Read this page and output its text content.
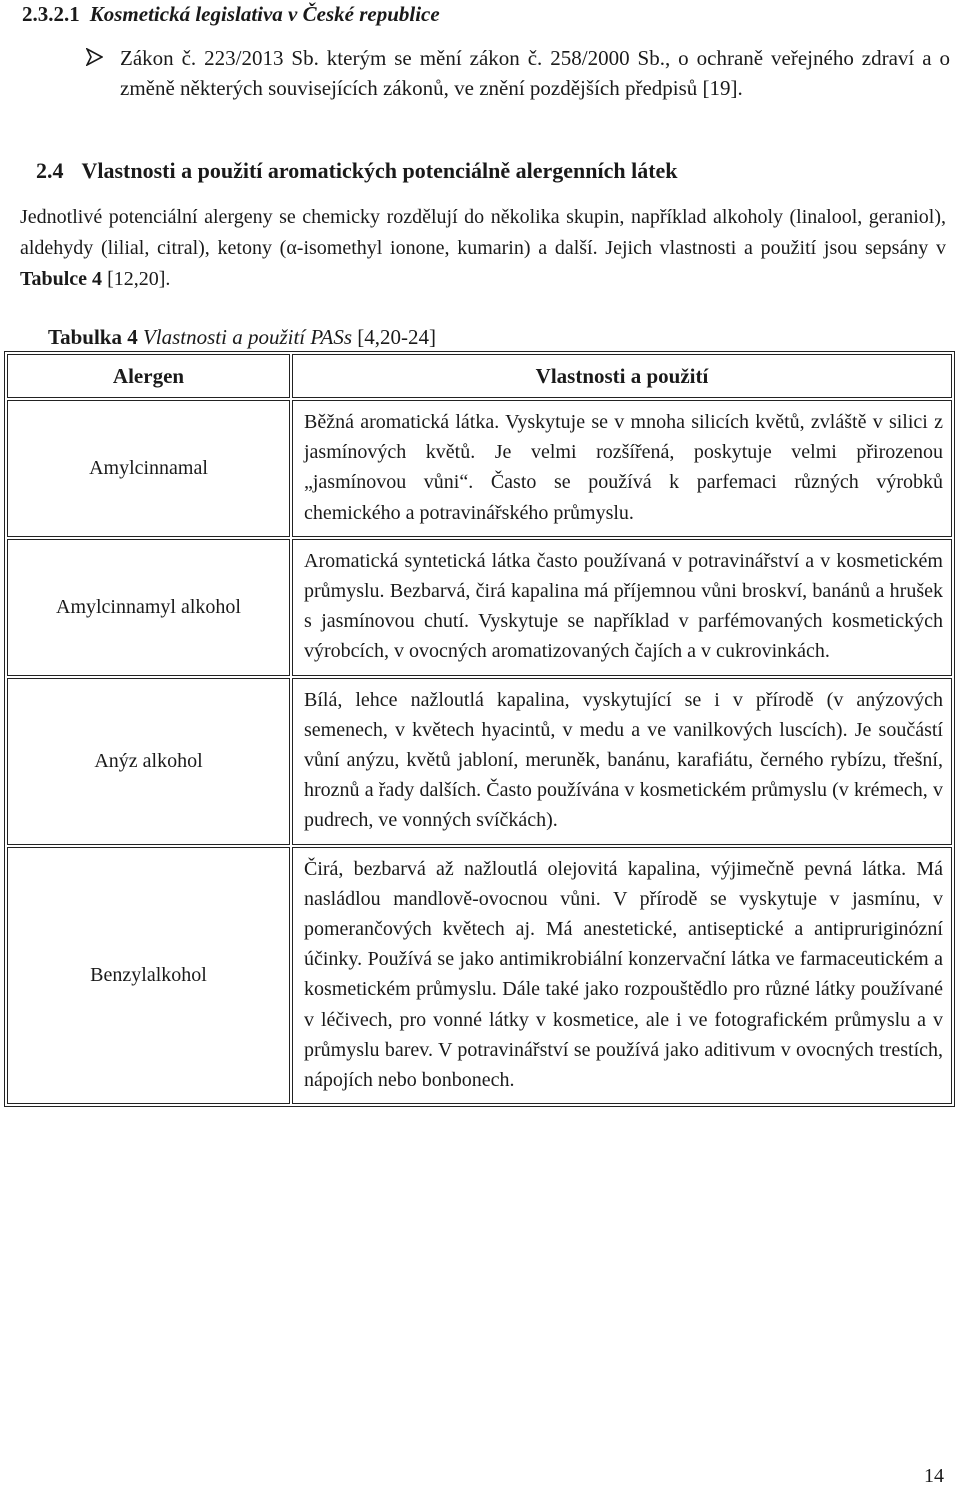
2.3.2.1 Kosmetická legislativa v České republice
Zákon č. 223/2013 Sb. kterým se mění zákon č. 258/2000 Sb., o ochraně veřejného zdraví a o změně některých souvisejících zákonů, ve znění pozdějších předpisů [19].
2.4 Vlastnosti a použití aromatických potenciálně alergenních látek
Jednotlivé potenciální alergeny se chemicky rozdělují do několika skupin, například alkoholy (linalool, geraniol), aldehydy (lilial, citral), ketony (α-isomethyl ionone, kumarin) a další. Jejich vlastnosti a použití jsou sepsány v Tabulce 4 [12,20].
Tabulka 4 Vlastnosti a použití PASs [4,20-24]
Alergen	Vlastnosti a použití
Amylcinnamal	Běžná aromatická látka. Vyskytuje se v mnoha silicích květů, zvláště v silici z jasmínových květů. Je velmi rozšířená, poskytuje velmi přirozenou „jasmínovou vůni“. Často se používá k parfemaci různých výrobků chemického a potravinářského průmyslu.
Amylcinnamyl alkohol	Aromatická syntetická látka často používaná v potravinářství a v kosmetickém průmyslu. Bezbarvá, čirá kapalina má příjemnou vůni broskví, banánů a hrušek s jasmínovou chutí. Vyskytuje se například v parfémovaných kosmetických výrobcích, v ovocných aromatizovaných čajích a v cukrovinkách.
Anýz alkohol	Bílá, lehce nažloutlá kapalina, vyskytující se i v přírodě (v anýzových semenech, v květech hyacintů, v medu a ve vanilkových luscích). Je součástí vůní anýzu, květů jabloní, meruněk, banánu, karafiátu, černého rybízu, třešní, hroznů a řady dalších. Často používána v kosmetickém průmyslu (v krémech, v pudrech, ve vonných svíčkách).
Benzylalkohol	Čirá, bezbarvá až nažloutlá olejovitá kapalina, výjimečně pevná látka. Má nasládlou mandlově-ovocnou vůni. V přírodě se vyskytuje v jasmínu, v pomerančových květech aj. Má anestetické, antiseptické a antipruriginózní účinky. Používá se jako antimikrobiální konzervační látka ve farmaceutickém a kosmetickém průmyslu. Dále také jako rozpouštědlo pro různé látky používané v léčivech, pro vonné látky v kosmetice, ale i ve fotografickém průmyslu a v průmyslu barev. V potravinářství se používá jako aditivum v ovocných trestích, nápojích nebo bonbonech.
14
